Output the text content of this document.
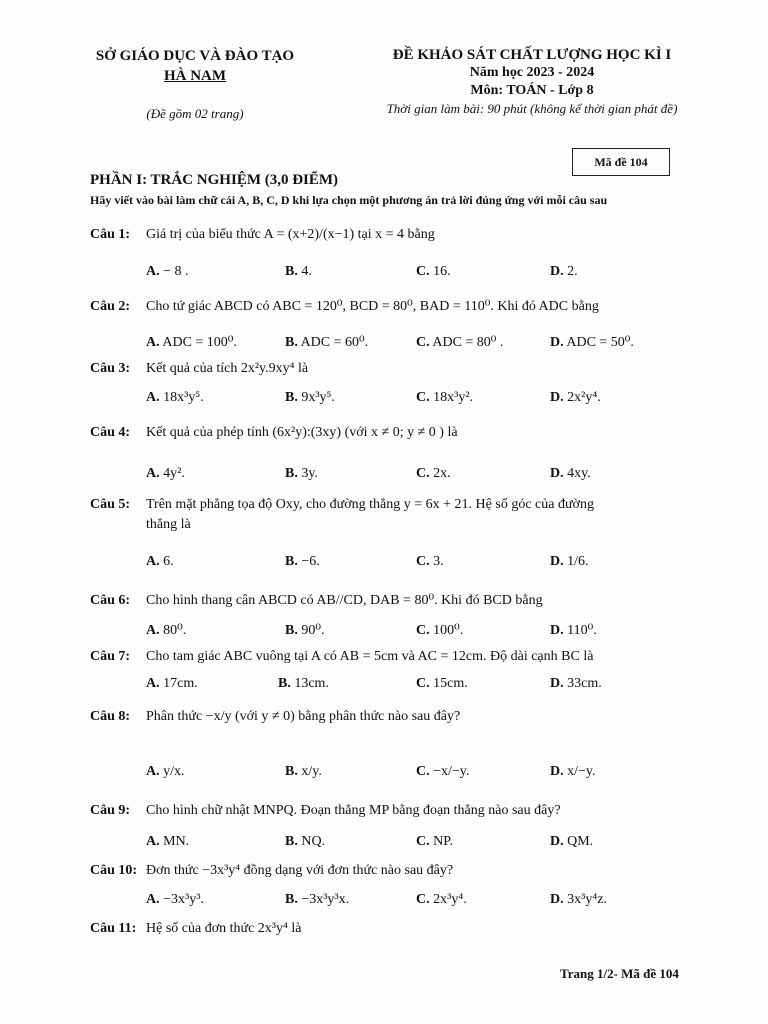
SỞ GIÁO DỤC VÀ ĐÀO TẠO
HÀ NAM
(Đề gồm 02 trang)
ĐỀ KHẢO SÁT CHẤT LƯỢNG HỌC KÌ I
Năm học 2023 - 2024
Môn: TOÁN - Lớp 8
Thời gian làm bài: 90 phút (không kể thời gian phát đề)
Mã đề 104
PHẦN I: TRẮC NGHIỆM (3,0 ĐIỂM)
Hãy viết vào bài làm chữ cái A, B, C, D khi lựa chọn một phương án trả lời đúng ứng với mỗi câu sau
Câu 1: Giá trị của biểu thức A = (x+2)/(x−1) tại x = 4 bằng
A. − 8 .	B. 4.	C. 16.	D. 2.
Câu 2: Cho tứ giác ABCD có ABC = 120⁰, BCD = 80⁰, BAD = 110⁰. Khi đó ADC bằng
A. ADC = 100⁰.	B. ADC = 60⁰.	C. ADC = 80⁰ .	D. ADC = 50⁰.
Câu 3: Kết quả của tích 2x²y.9xy⁴ là
A. 18x³y⁵.	B. 9x³y⁵.	C. 18x³y².	D. 2x²y⁴.
Câu 4: Kết quả của phép tính (6x²y):(3xy) (với x ≠ 0; y ≠ 0 ) là
A. 4y².	B. 3y.	C. 2x.	D. 4xy.
Câu 5: Trên mặt phẳng tọa độ Oxy, cho đường thẳng y = 6x + 21. Hệ số góc của đường
thẳng là
A. 6.	B. −6.	C. 3.	D. 1/6.
Câu 6: Cho hình thang cân ABCD có AB//CD, DAB = 80⁰. Khi đó BCD bằng
A. 80⁰.	B. 90⁰.	C. 100⁰.	D. 110⁰.
Câu 7: Cho tam giác ABC vuông tại A có AB = 5cm và AC = 12cm. Độ dài cạnh BC là
A. 17cm.	B. 13cm.	C. 15cm.	D. 33cm.
Câu 8: Phân thức −x/y (với y ≠ 0) bằng phân thức nào sau đây?
A. y/x.	B. x/y.	C. −x/−y.	D. x/−y.
Câu 9: Cho hình chữ nhật MNPQ. Đoạn thẳng MP bằng đoạn thẳng nào sau đây?
A. MN.	B. NQ.	C. NP.	D. QM.
Câu 10: Đơn thức −3x³y⁴ đồng dạng với đơn thức nào sau đây?
A. −3x³y³.	B. −3x³y³x.	C. 2x³y⁴.	D. 3x³y⁴z.
Câu 11: Hệ số của đơn thức 2x³y⁴ là
Trang 1/2- Mã đề 104
